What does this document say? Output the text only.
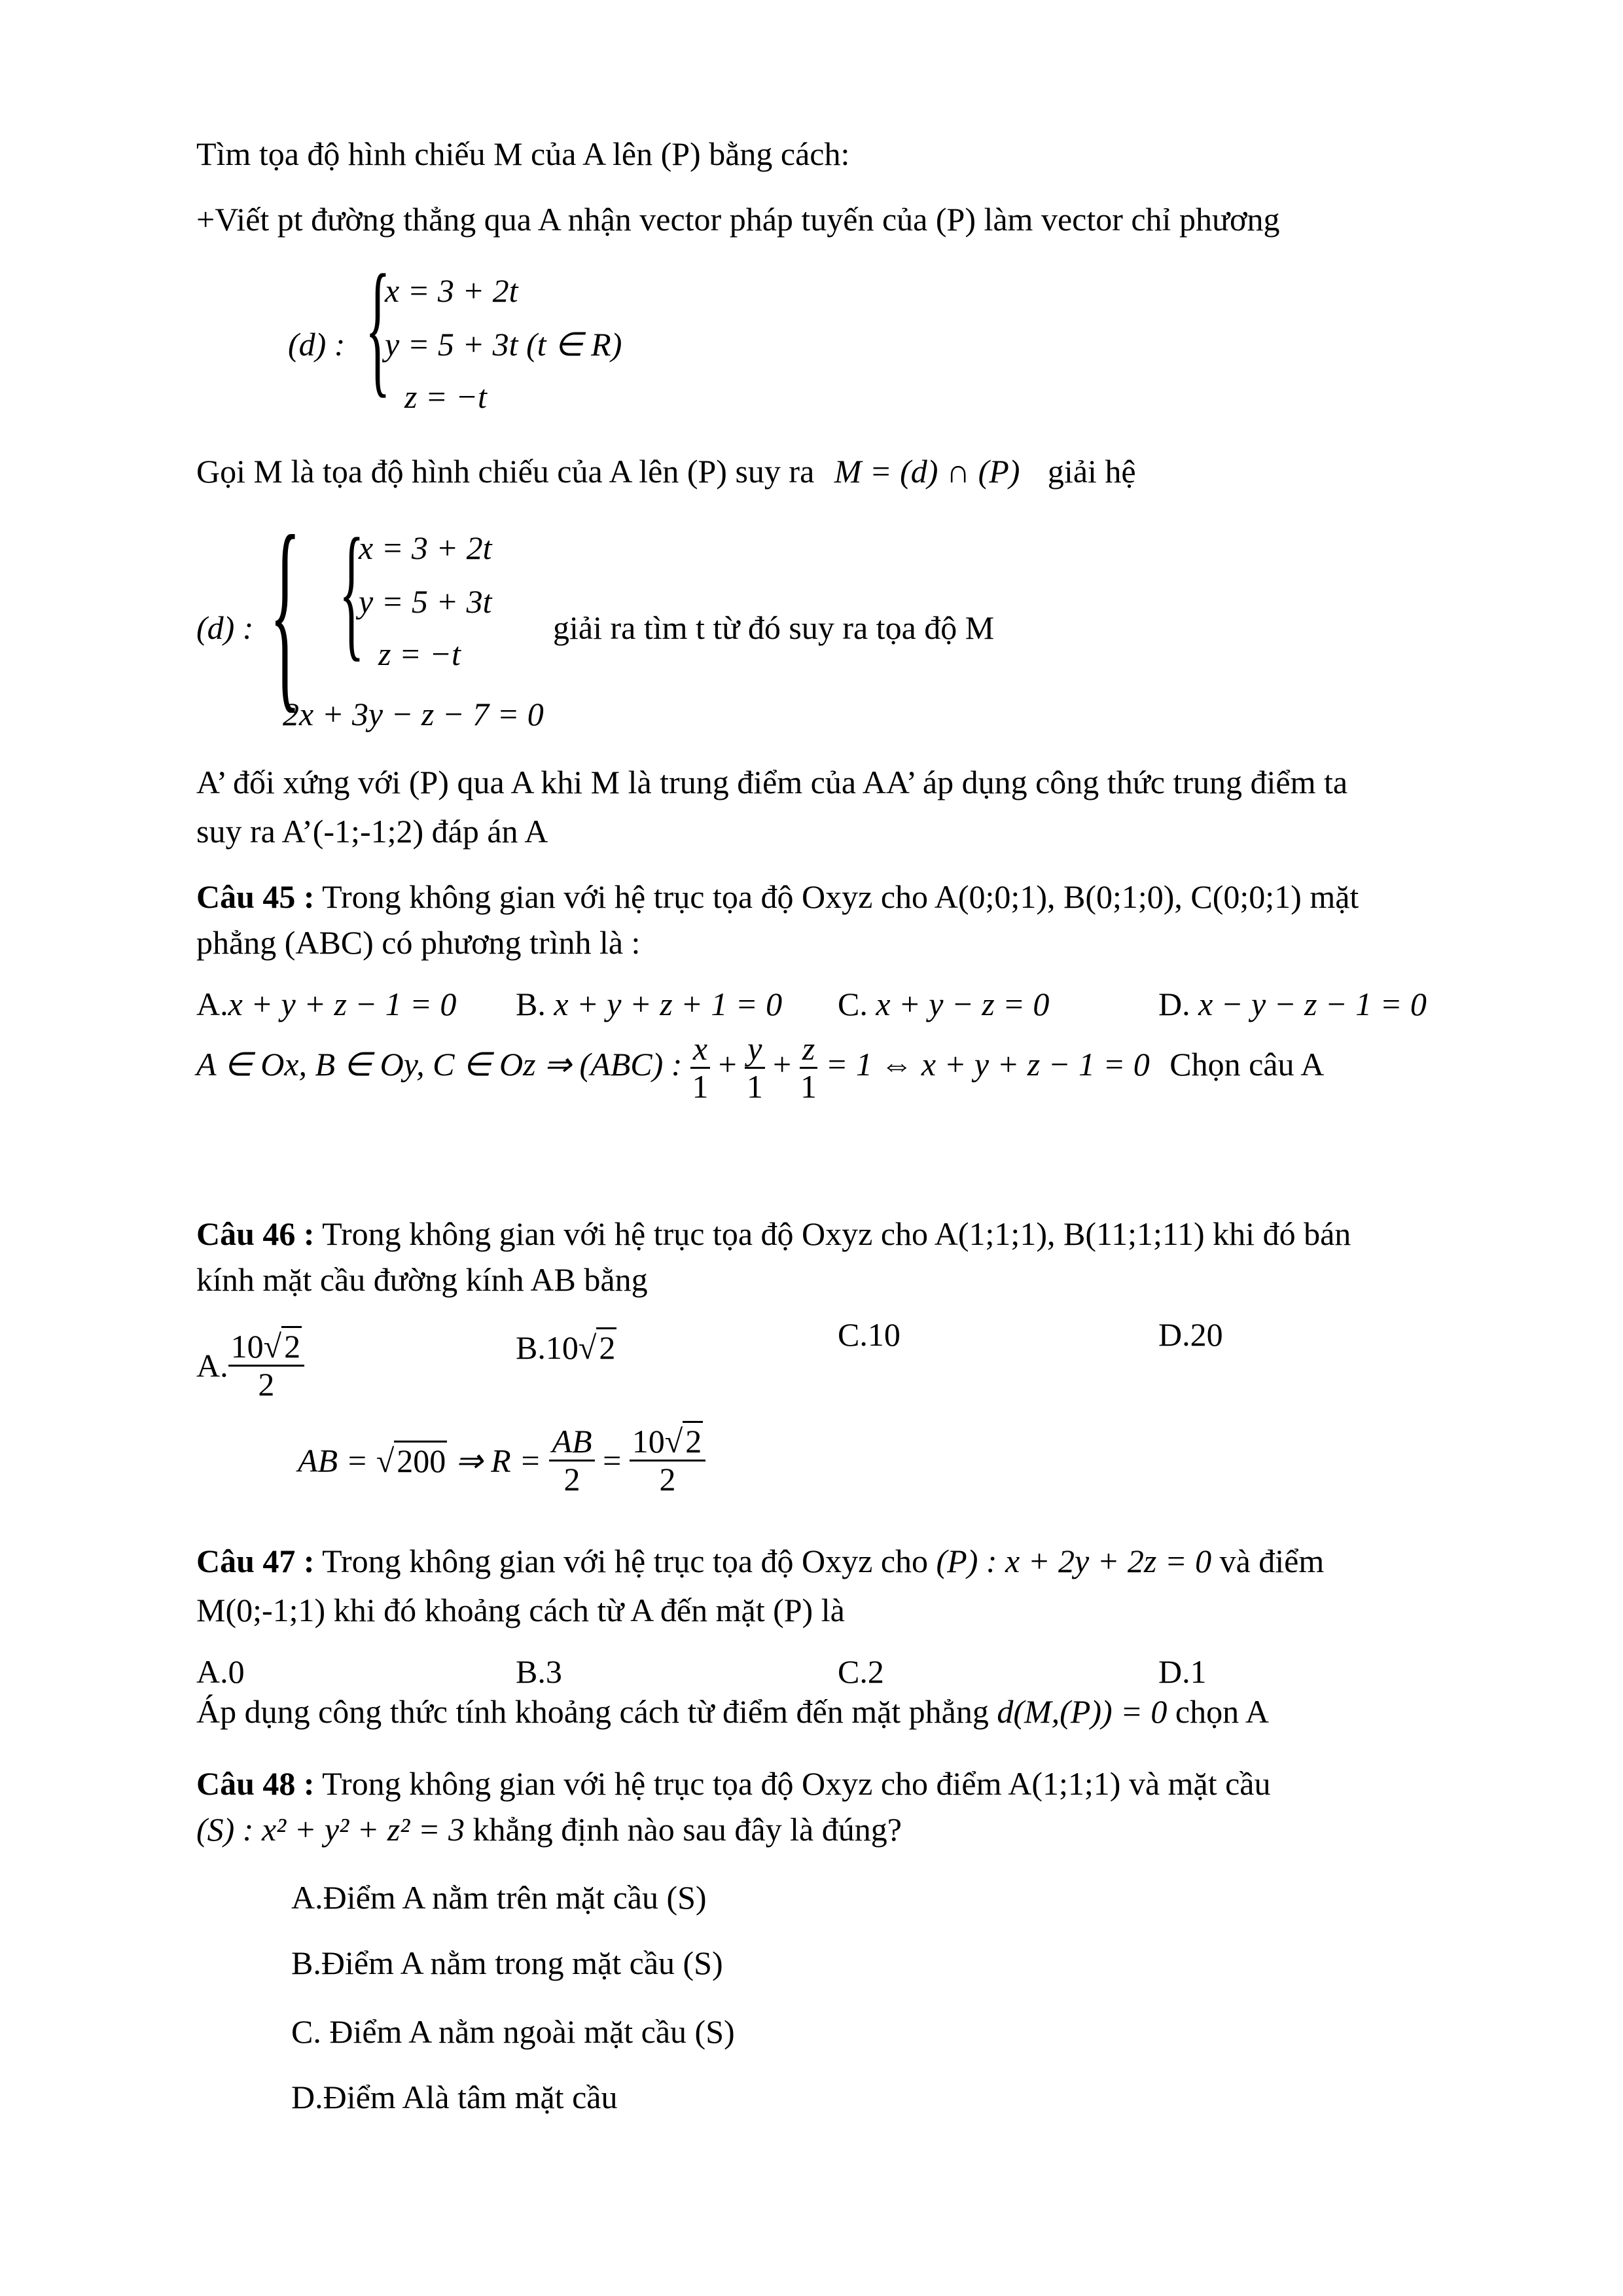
Tìm tọa độ hình chiếu M của A lên (P) bằng cách:
+Viết pt đường thẳng qua A nhận vector pháp tuyến của (P) làm vector chỉ phương
(d) : {
x = 3 + 2t
y = 5 + 3t (t ∈ R)
z = −t
Gọi M là tọa độ hình chiếu của A lên (P) suy ra M = (d) ∩ (P) giải hệ
(d) : { {
x = 3 + 2t
y = 5 + 3t
z = −t
2x + 3y − z − 7 = 0
giải ra tìm t từ đó suy ra tọa độ M
A’ đối xứng với (P) qua A khi M là trung điểm của AA’ áp dụng công thức trung điểm ta
suy ra A’(-1;-1;2) đáp án A
Câu 45 : Trong không gian với hệ trục tọa độ Oxyz cho A(0;0;1), B(0;1;0), C(0;0;1) mặt
phẳng (ABC) có phương trình là :
A.x + y + z − 1 = 0 B. x + y + z + 1 = 0 C. x + y − z = 0	D. x − y − z − 1 = 0
A ∈ Ox, B ∈ Oy, C ∈ Oz ⇒ (ABC) : $\frac{x}{1} + \frac{y}{1} + \frac{z}{1} = 1$ ⇔ x + y + z − 1 = 0 Chọn câu A
Câu 46 : Trong không gian với hệ trục tọa độ Oxyz cho A(1;1;1), B(11;1;11) khi đó bán
kính mặt cầu đường kính AB bằng
A. $\frac{10√2}{2}$	B.10√2	C.10	D.20
AB = √200 ⇒ $R = \frac{AB}{2} = \frac{10√2}{2}$
Câu 47 : Trong không gian với hệ trục tọa độ Oxyz cho (P) : x + 2y + 2z = 0 và điểm
M(0;-1;1) khi đó khoảng cách từ A đến mặt (P) là
A.0	B.3	C.2	D.1
Áp dụng công thức tính khoảng cách từ điểm đến mặt phẳng d(M,(P)) = 0 chọn A
Câu 48 : Trong không gian với hệ trục tọa độ Oxyz cho điểm A(1;1;1) và mặt cầu
(S) : x² + y² + z² = 3 khẳng định nào sau đây là đúng?
A.Điểm A nằm trên mặt cầu (S)
B.Điểm A nằm trong mặt cầu (S)
C. Điểm A nằm ngoài mặt cầu (S)
D.Điểm Alà tâm mặt cầu
